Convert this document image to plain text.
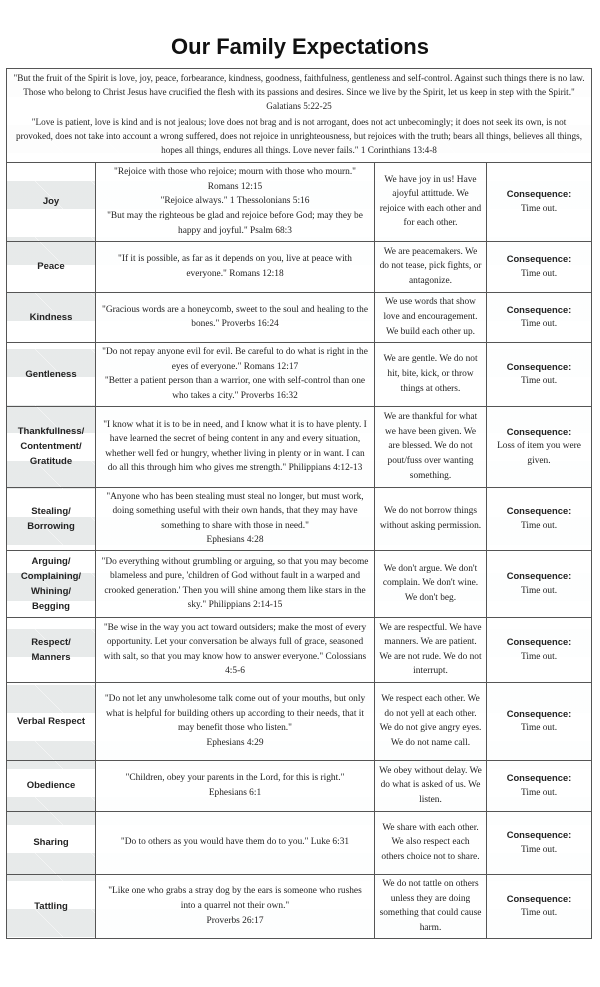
Our Family Expectations

"But the fruit of the Spirit is love, joy, peace, forbearance, kindness, goodness, faithfulness, gentleness and self-control. Against such things there is no law. Those who belong to Christ Jesus have crucified the flesh with its passions and desires. Since we live by the Spirit, let us keep in step with the Spirit." Galatians 5:22-25

"Love is patient, love is kind and is not jealous; love does not brag and is not arrogant, does not act unbecomingly; it does not seek its own, is not provoked, does not take into account a wrong suffered, does not rejoice in unrighteousness, but rejoices with the truth; bears all things, believes all things, hopes all things, endures all things. Love never fails." 1 Corinthians 13:4-8

Joy

"Rejoice with those who rejoice; mourn with those who mourn." Romans 12:15

"Rejoice always." 1 Thessolonians 5:16

"But may the righteous be glad and rejoice before God; may they be happy and joyful." Psalm 68:3

We have joy in us! Have ajoyful attittude. We rejoice with each other and for each other.
Consequence:
Time out.
Peace

"If it is possible, as far as it depends on you, live at peace with everyone." Romans 12:18

We are peacemakers. We do not tease, pick fights, or antagonize.
Consequence:
Time out.
Kindness

"Gracious words are a honeycomb, sweet to the soul and healing to the bones." Proverbs 16:24

We use words that show love and encouragement. We build each other up.
Consequence:
Time out.
Gentleness

"Do not repay anyone evil for evil. Be careful to do what is right in the eyes of everyone." Romans 12:17

"Better a patient person than a warrior, one with self-control than one who takes a city." Proverbs 16:32

We are gentle. We do not hit, bite, kick, or throw things at others.
Consequence:
Time out.
Thankfullness/
Contentment/
Gratitude

"I know what it is to be in need, and I know what it is to have plenty. I have learned the secret of being content in any and every situation, whether well fed or hungry, whether living in plenty or in want. I can do all this through him who gives me strength." Philippians 4:12-13

We are thankful for what we have been given. We are blessed. We do not pout/fuss over wanting something.
Consequence:
Loss of item you were given.
Stealing/
Borrowing

"Anyone who has been stealing must steal no longer, but must work, doing something useful with their own hands, that they may have something to share with those in need."

Ephesians 4:28

We do not borrow things without asking permission.
Consequence:
Time out.
Arguing/
Complaining/
Whining/
Begging

"Do everything without grumbling or arguing, so that you may become blameless and pure, 'children of God without fault in a warped and crooked generation.' Then you will shine among them like stars in the sky." Philippians 2:14-15

We don't argue. We don't complain. We don't wine. We don't beg.
Consequence:
Time out.
Respect/
Manners

"Be wise in the way you act toward outsiders; make the most of every opportunity. Let your conversation be always full of grace, seasoned with salt, so that you may know how to answer everyone." Colossians 4:5-6

We are respectful. We have manners. We are patient. We are not rude. We do not interrupt.
Consequence:
Time out.
Verbal Respect

"Do not let any unwholesome talk come out of your mouths, but only what is helpful for building others up according to their needs, that it may benefit those who listen."

Ephesians 4:29

We respect each other. We do not yell at each other. We do not give angry eyes. We do not name call.
Consequence:
Time out.
Obedience

"Children, obey your parents in the Lord, for this is right."

Ephesians 6:1

We obey without delay. We do what is asked of us. We listen.
Consequence:
Time out.
Sharing	"Do to others as you would have them do to you." Luke 6:31

We share with each other. We also respect each others choice not to share.
Consequence:
Time out.
Tattling

"Like one who grabs a stray dog by the ears is someone who rushes into a quarrel not their own."

Proverbs 26:17

We do not tattle on others unless they are doing something that could cause harm.
Consequence:
Time out.
